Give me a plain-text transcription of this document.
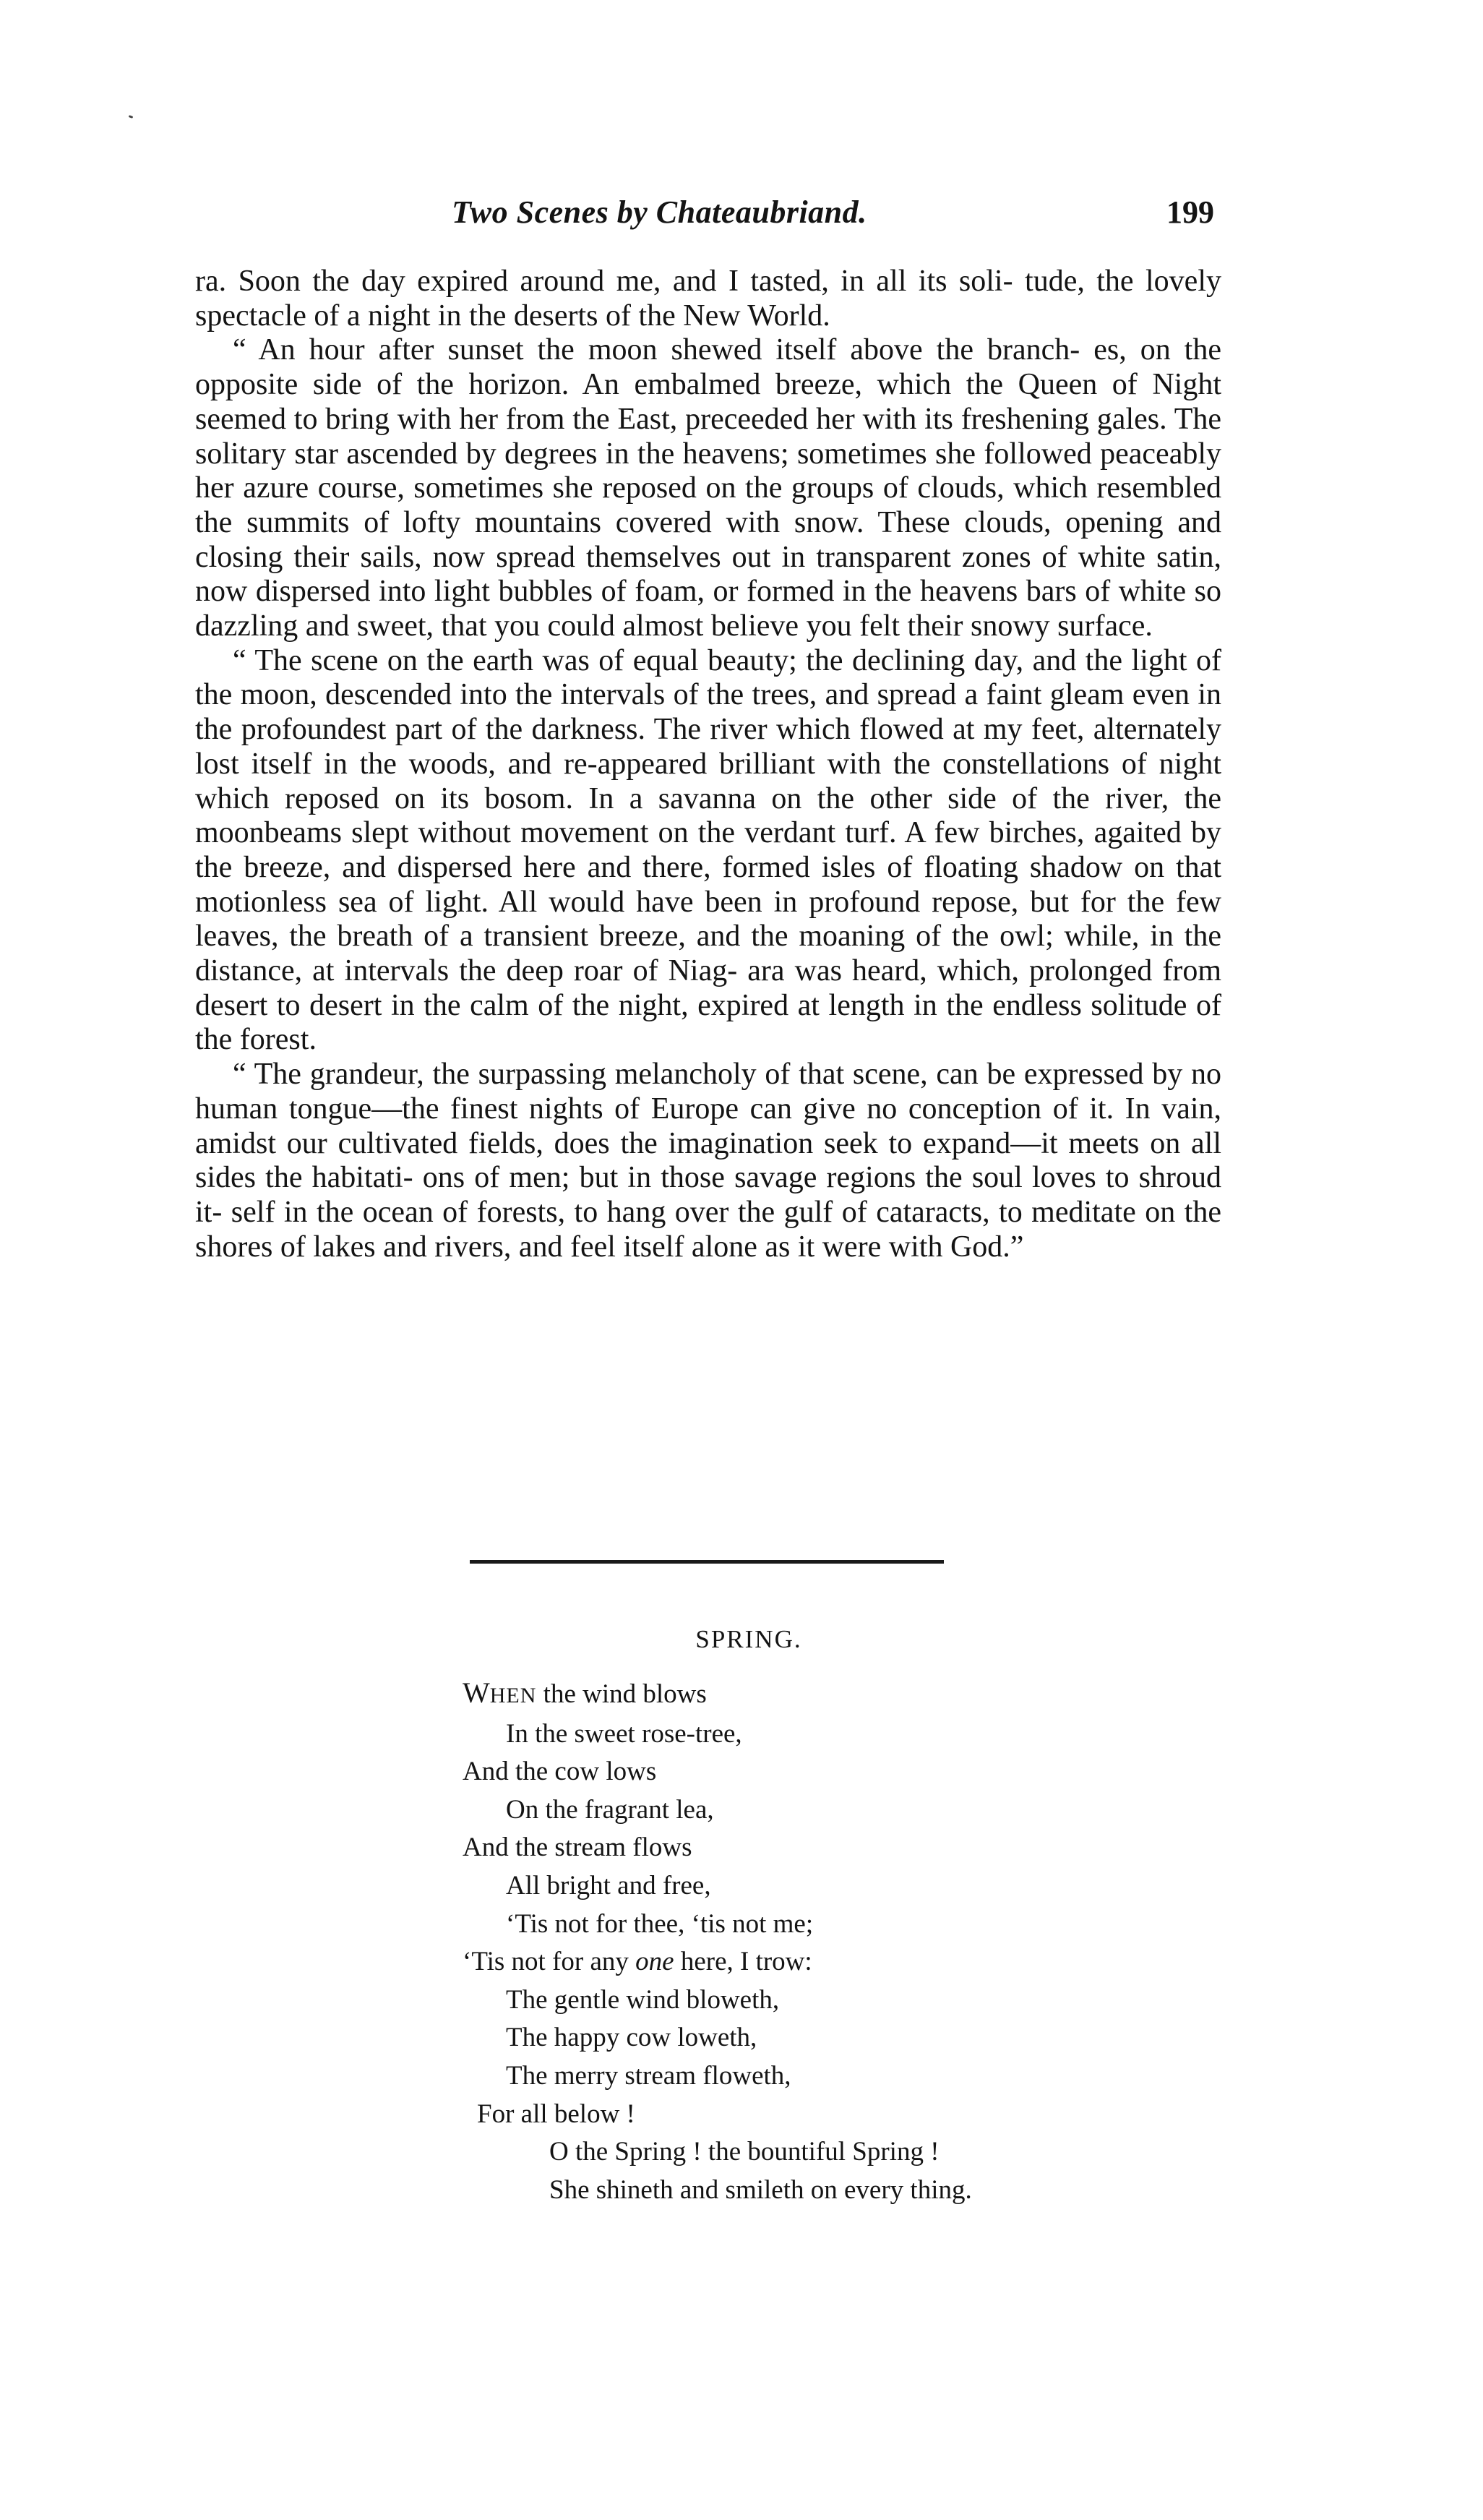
Two Scenes by Chateaubriand.	199

ra. Soon the day expired around me, and I tasted, in all its soli- tude, the lovely spectacle of a night in the deserts of the New World.

“ An hour after sunset the moon shewed itself above the branch- es, on the opposite side of the horizon. An embalmed breeze, which the Queen of Night seemed to bring with her from the East, preceeded her with its freshening gales. The solitary star ascended by degrees in the heavens; sometimes she followed peaceably her azure course, sometimes she reposed on the groups of clouds, which resembled the summits of lofty mountains covered with snow. These clouds, opening and closing their sails, now spread themselves out in transparent zones of white satin, now dispersed into light bubbles of foam, or formed in the heavens bars of white so dazzling and sweet, that you could almost believe you felt their snowy surface.

“ The scene on the earth was of equal beauty; the declining day, and the light of the moon, descended into the intervals of the trees, and spread a faint gleam even in the profoundest part of the darkness. The river which flowed at my feet, alternately lost itself in the woods, and re-appeared brilliant with the constellations of night which reposed on its bosom. In a savanna on the other side of the river, the moonbeams slept without movement on the verdant turf. A few birches, agaited by the breeze, and dispersed here and there, formed isles of floating shadow on that motionless sea of light. All would have been in profound repose, but for the few leaves, the breath of a transient breeze, and the moaning of the owl; while, in the distance, at intervals the deep roar of Niag- ara was heard, which, prolonged from desert to desert in the calm of the night, expired at length in the endless solitude of the forest.

“ The grandeur, the surpassing melancholy of that scene, can be expressed by no human tongue—the finest nights of Europe can give no conception of it. In vain, amidst our cultivated fields, does the imagination seek to expand—it meets on all sides the habitati- ons of men; but in those savage regions the soul loves to shroud it- self in the ocean of forests, to hang over the gulf of cataracts, to meditate on the shores of lakes and rivers, and feel itself alone as it were with God.”

SPRING.
WHEN the wind blows
In the sweet rose-tree,
And the cow lows
On the fragrant lea,
And the stream flows
All bright and free,
‘Tis not for thee, ‘tis not me;
‘Tis not for any one here, I trow:
The gentle wind bloweth,
The happy cow loweth,
The merry stream floweth,
For all below !
O the Spring ! the bountiful Spring !
She shineth and smileth on every thing.
